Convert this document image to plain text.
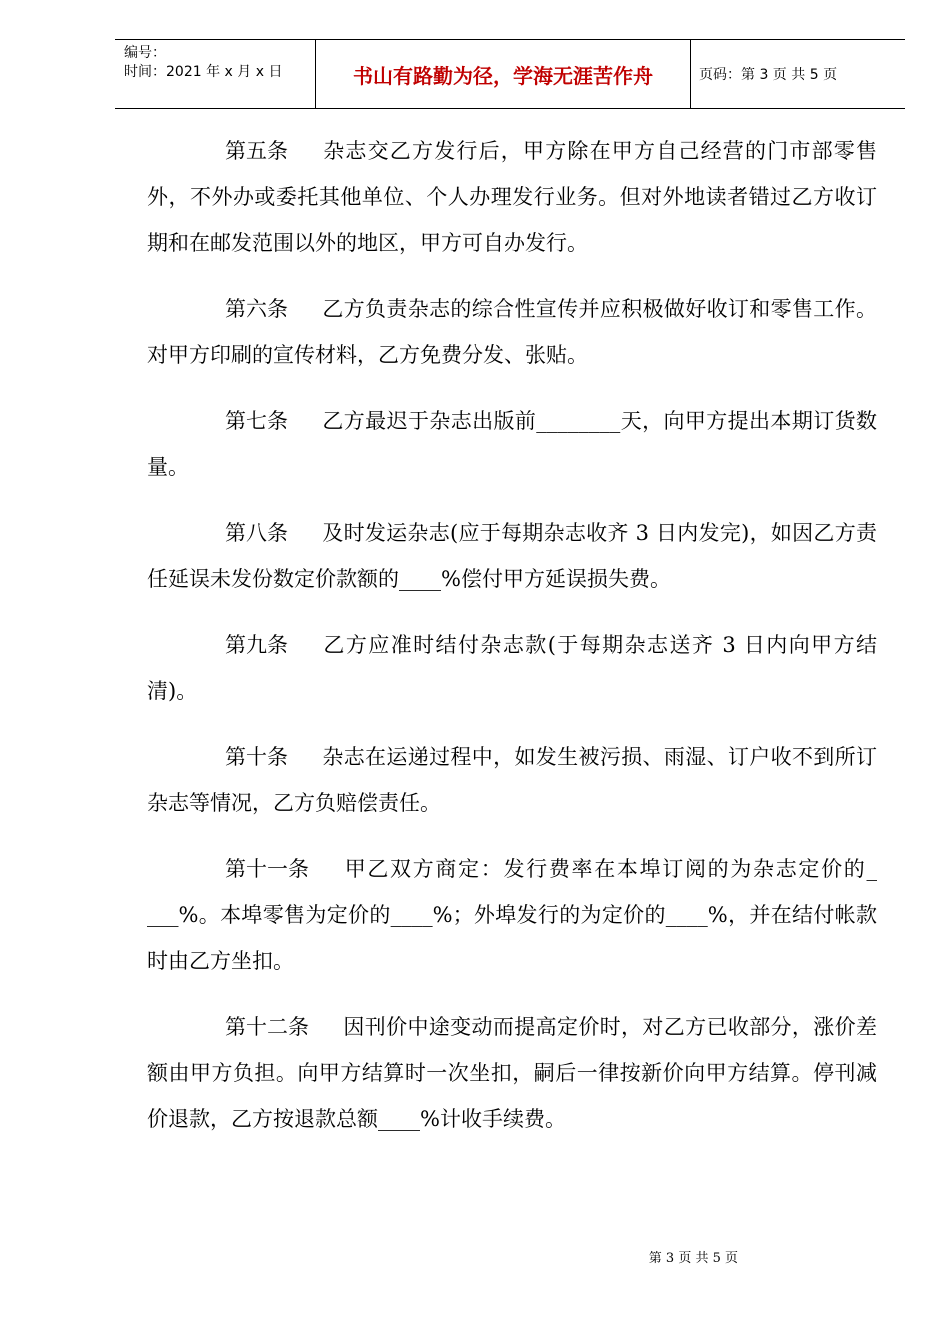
编号：
时间：2021 年 x 月 x 日	书山有路勤为径，学海无涯苦作舟	页码：第 3 页 共 5 页

第五条 杂志交乙方发行后，甲方除在甲方自己经营的门市部零售外，不外办或委托其他单位、个人办理发行业务。但对外地读者错过乙方收订期和在邮发范围以外的地区，甲方可自办发行。

第六条 乙方负责杂志的综合性宣传并应积极做好收订和零售工作。对甲方印刷的宣传材料，乙方免费分发、张贴。

第七条 乙方最迟于杂志出版前________天，向甲方提出本期订货数量。

第八条 及时发运杂志(应于每期杂志收齐 3 日内发完)，如因乙方责任延误未发份数定价款额的____%偿付甲方延误损失费。

第九条 乙方应准时结付杂志款(于每期杂志送齐 3 日内向甲方结清)。

第十条 杂志在运递过程中，如发生被污损、雨湿、订户收不到所订杂志等情况，乙方负赔偿责任。

第十一条 甲乙双方商定：发行费率在本埠订阅的为杂志定价的_ ___%。本埠零售为定价的____%；外埠发行的为定价的____%，并在结付帐款时由乙方坐扣。

第十二条 因刊价中途变动而提高定价时，对乙方已收部分，涨价差额由甲方负担。向甲方结算时一次坐扣，嗣后一律按新价向甲方结算。停刊减价退款，乙方按退款总额____%计收手续费。

第 3 页 共 5 页
